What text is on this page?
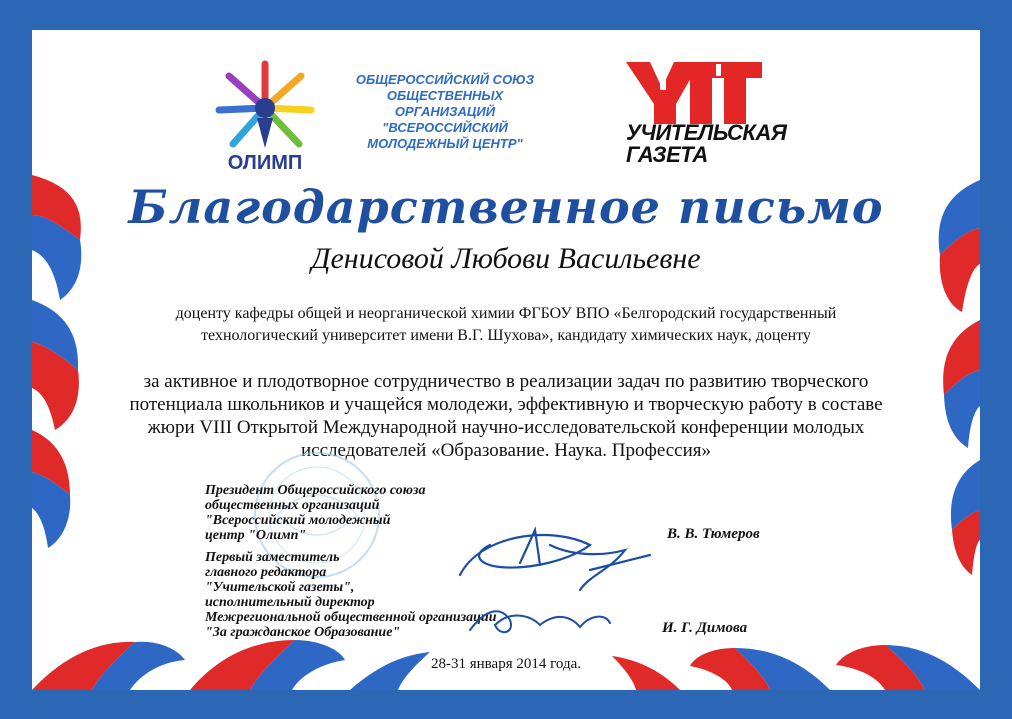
ОЛИМП
ОБЩЕРОССИЙСКИЙ СОЮЗ
ОБЩЕСТВЕННЫХ
ОРГАНИЗАЦИЙ
"ВСЕРОССИЙСКИЙ
МОЛОДЕЖНЫЙ ЦЕНТР"	УЧИТЕЛЬСКАЯ
ГАЗЕТА
Благодарственное письмо
Денисовой Любови Васильевне
доценту кафедры общей и неорганической химии ФГБОУ ВПО «Белгородский государственный
технологический университет имени В.Г. Шухова», кандидату химических наук, доценту
за активное и плодотворное сотрудничество в реализации задач по развитию творческого
потенциала школьников и учащейся молодежи, эффективную и творческую работу в составе
жюри VIII Открытой Международной научно-исследовательской конференции молодых
исследователей «Образование. Наука. Профессия»
Президент Общероссийского союза
общественных организаций
"Всероссийский молодежный
центр "Олимп"	В. В. Тюмеров
Первый заместитель
главного редактора
"Учительской газеты",
исполнительный директор
Межрегиональной общественной организации
"За гражданское Образование"	И. Г. Димова
28-31 января 2014 года.
